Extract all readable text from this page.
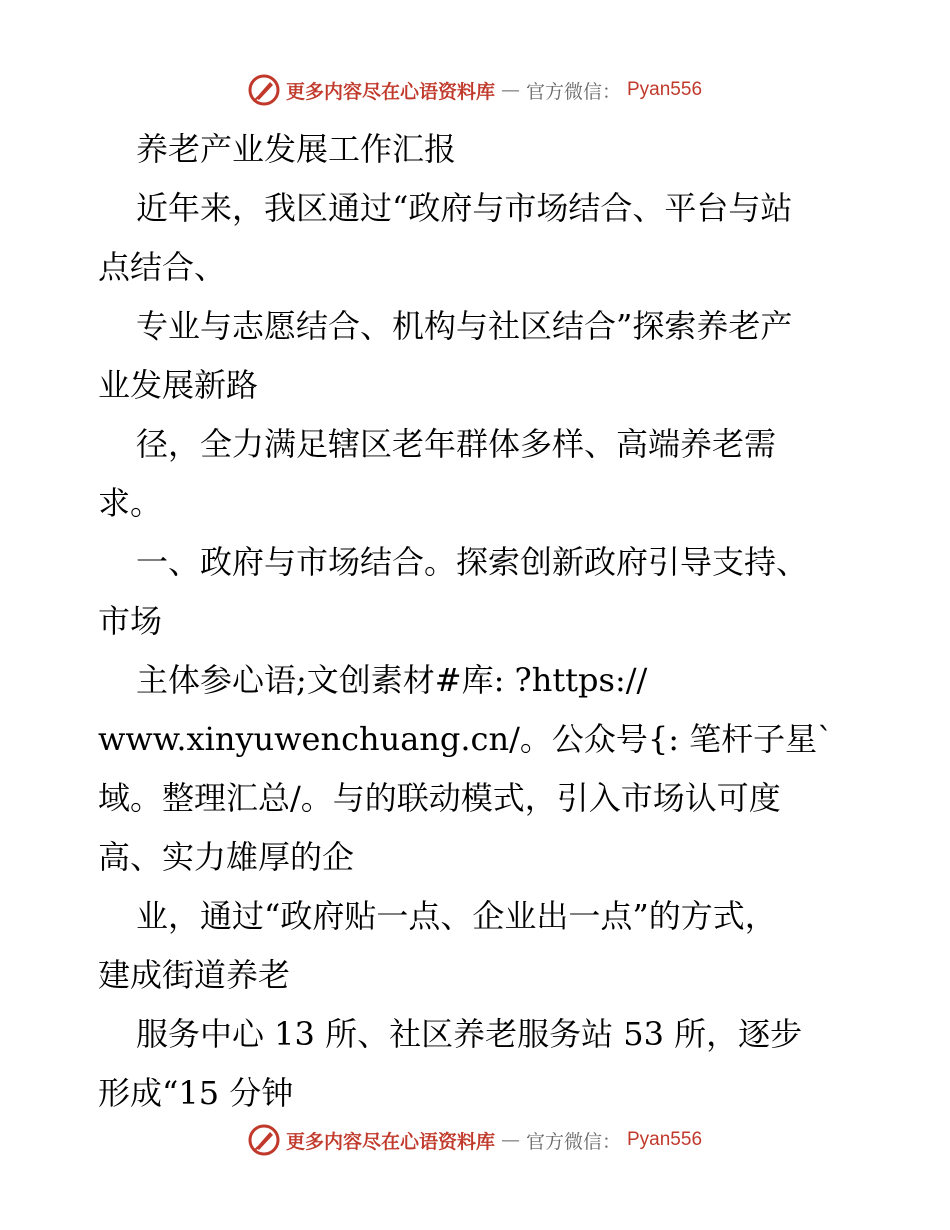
更多内容尽在心语资料库 — 官方微信： Pyan556
养老产业发展工作汇报
近年来，我区通过“政府与市场结合、平台与站
点结合、
专业与志愿结合、机构与社区结合”探索养老产
业发展新路
径，全力满足辖区老年群体多样、高端养老需
求。
一、政府与市场结合。探索创新政府引导支持、
市场
主体参心语;文创素材#库: ?https://
www.xinyuwenchuang.cn/。公众号{: 笔杆子星`
域。整理汇总/。与的联动模式，引入市场认可度
高、实力雄厚的企
业，通过“政府贴一点、企业出一点”的方式，
建成街道养老
服务中心 13 所、社区养老服务站 53 所，逐步
形成“15 分钟
更多内容尽在心语资料库 — 官方微信： Pyan556
